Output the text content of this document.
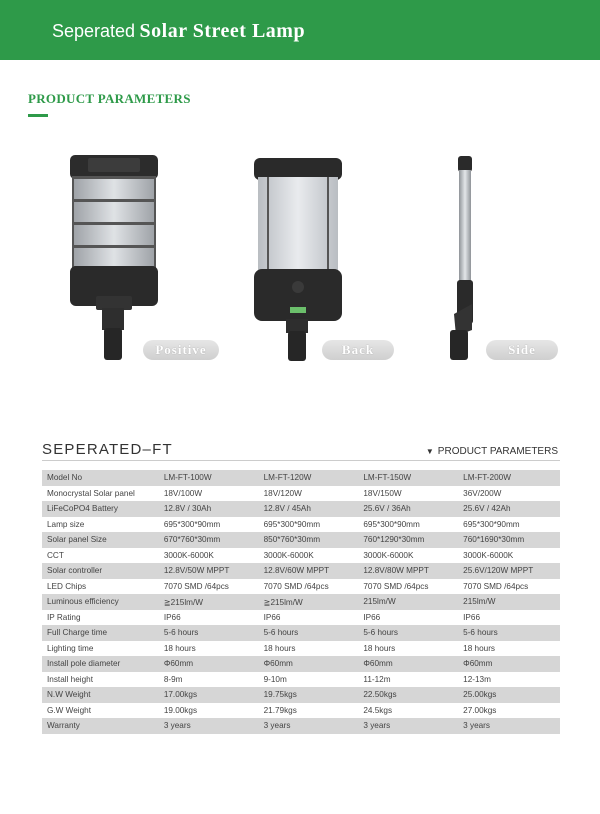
Seperated Solar Street Lamp
PRODUCT PARAMETERS
Positive	Back	Side
SEPERATED–FT	▼ PRODUCT PARAMETERS
Model No	LM-FT-100W	LM-FT-120W	LM-FT-150W	LM-FT-200W
Monocrystal Solar panel	18V/100W	18V/120W	18V/150W	36V/200W
LiFeCoPO4 Battery	12.8V / 30Ah	12.8V / 45Ah	25.6V / 36Ah	25.6V / 42Ah
Lamp size	695*300*90mm	695*300*90mm	695*300*90mm	695*300*90mm
Solar panel Size	670*760*30mm	850*760*30mm	760*1290*30mm	760*1690*30mm
CCT	3000K-6000K	3000K-6000K	3000K-6000K	3000K-6000K
Solar controller	12.8V/50W MPPT	12.8V/60W MPPT	12.8V/80W MPPT	25.6V/120W MPPT
LED Chips	7070 SMD /64pcs	7070 SMD /64pcs	7070 SMD /64pcs	7070 SMD /64pcs
Luminous efficiency	≧215lm/W	≧215lm/W	215lm/W	215lm/W
IP Rating	IP66	IP66	IP66	IP66
Full Charge time	5-6 hours	5-6 hours	5-6 hours	5-6 hours
Lighting time	18 hours	18 hours	18 hours	18 hours
Install pole diameter	Φ60mm	Φ60mm	Φ60mm	Φ60mm
Install height	8-9m	9-10m	11-12m	12-13m
N.W Weight	17.00kgs	19.75kgs	22.50kgs	25.00kgs
G.W Weight	19.00kgs	21.79kgs	24.5kgs	27.00kgs
Warranty	3 years	3 years	3 years	3 years
